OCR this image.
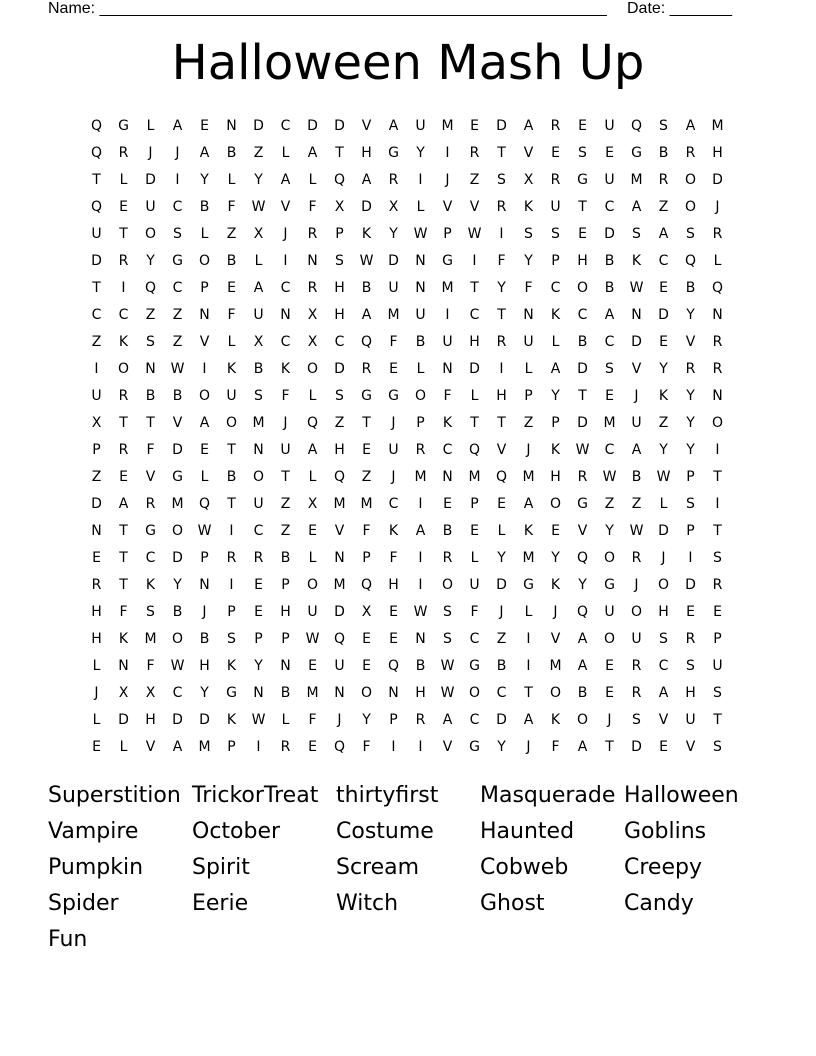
Name: _________________________________________________________ Date: _______
Halloween Mash Up
Q	G	L	A	E	N	D	C	D	D	V	A	U	M	E	D	A	R	E	U	Q	S	A	M
Q	R	J	J	A	B	Z	L	A	T	H	G	Y	I	R	T	V	E	S	E	G	B	R	H
T	L	D	I	Y	L	Y	A	L	Q	A	R	I	J	Z	S	X	R	G	U	M	R	O	D
Q	E	U	C	B	F	W	V	F	X	D	X	L	V	V	R	K	U	T	C	A	Z	O	J
U	T	O	S	L	Z	X	J	R	P	K	Y	W	P	W	I	S	S	E	D	S	A	S	R
D	R	Y	G	O	B	L	I	N	S	W	D	N	G	I	F	Y	P	H	B	K	C	Q	L
T	I	Q	C	P	E	A	C	R	H	B	U	N	M	T	Y	F	C	O	B	W	E	B	Q
C	C	Z	Z	N	F	U	N	X	H	A	M	U	I	C	T	N	K	C	A	N	D	Y	N
Z	K	S	Z	V	L	X	C	X	C	Q	F	B	U	H	R	U	L	B	C	D	E	V	R
I	O	N	W	I	K	B	K	O	D	R	E	L	N	D	I	L	A	D	S	V	Y	R	R
U	R	B	B	O	U	S	F	L	S	G	G	O	F	L	H	P	Y	T	E	J	K	Y	N
X	T	T	V	A	O	M	J	Q	Z	T	J	P	K	T	T	Z	P	D	M	U	Z	Y	O
P	R	F	D	E	T	N	U	A	H	E	U	R	C	Q	V	J	K	W	C	A	Y	Y	I
Z	E	V	G	L	B	O	T	L	Q	Z	J	M	N	M	Q	M	H	R	W	B	W	P	T
D	A	R	M	Q	T	U	Z	X	M	M	C	I	E	P	E	A	O	G	Z	Z	L	S	I
N	T	G	O	W	I	C	Z	E	V	F	K	A	B	E	L	K	E	V	Y	W	D	P	T
E	T	C	D	P	R	R	B	L	N	P	F	I	R	L	Y	M	Y	Q	O	R	J	I	S
R	T	K	Y	N	I	E	P	O	M	Q	H	I	O	U	D	G	K	Y	G	J	O	D	R
H	F	S	B	J	P	E	H	U	D	X	E	W	S	F	J	L	J	Q	U	O	H	E	E
H	K	M	O	B	S	P	P	W	Q	E	E	N	S	C	Z	I	V	A	O	U	S	R	P
L	N	F	W	H	K	Y	N	E	U	E	Q	B	W	G	B	I	M	A	E	R	C	S	U
J	X	X	C	Y	G	N	B	M	N	O	N	H	W	O	C	T	O	B	E	R	A	H	S
L	D	H	D	D	K	W	L	F	J	Y	P	R	A	C	D	A	K	O	J	S	V	U	T
E	L	V	A	M	P	I	R	E	Q	F	I	I	V	G	Y	J	F	A	T	D	E	V	S
Superstition TrickorTreat thirtyfirst	Masquerade Halloween
Vampire	October	Costume	Haunted	Goblins
Pumpkin	Spirit	Scream	Cobweb	Creepy
Spider	Eerie	Witch	Ghost	Candy
Fun
